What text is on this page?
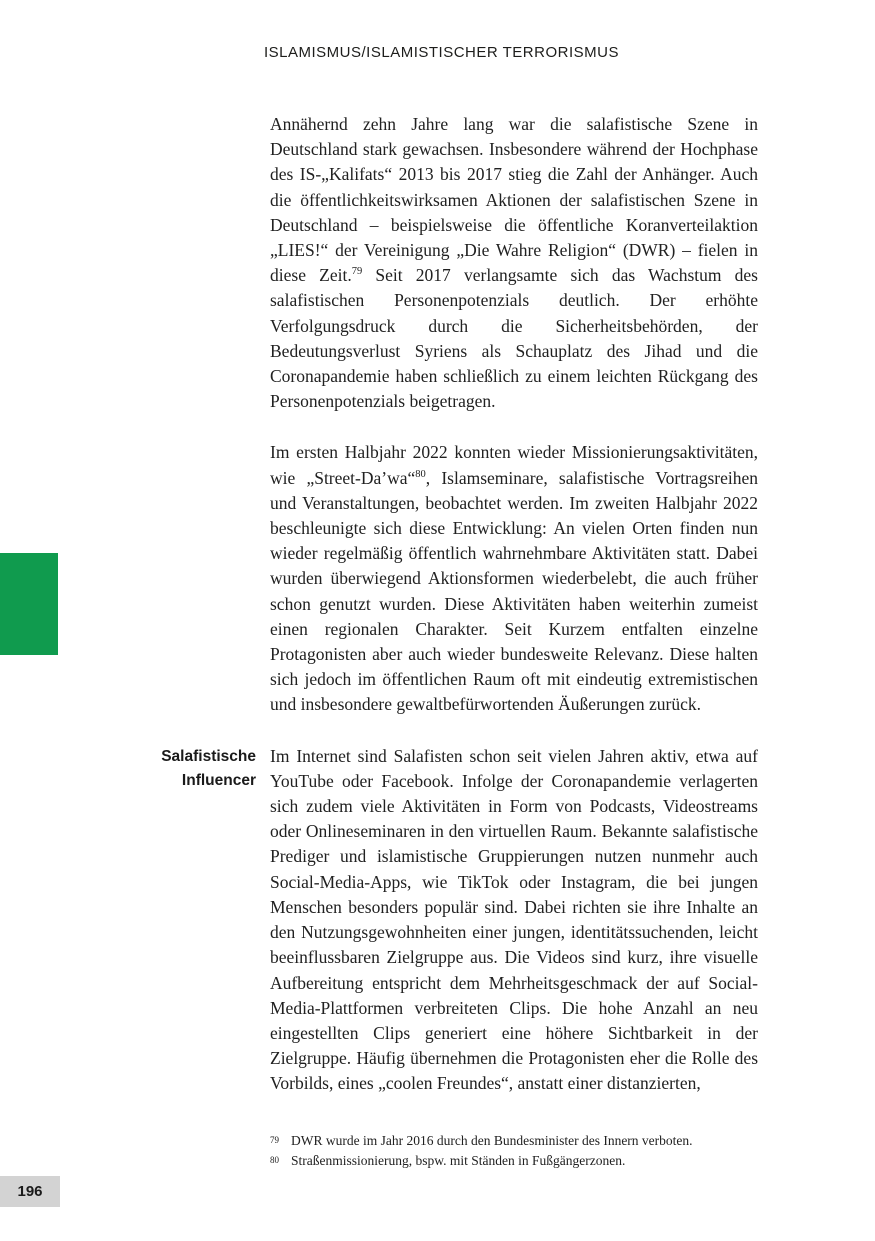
ISLAMISMUS/ISLAMISTISCHER TERRORISMUS

Annähernd zehn Jahre lang war die salafistische Szene in Deutschland stark gewachsen. Insbesondere während der Hochphase des IS-„Kalifats“ 2013 bis 2017 stieg die Zahl der Anhänger. Auch die öffentlichkeitswirksamen Aktionen der salafistischen Szene in Deutschland – beispielsweise die öffentliche Koranverteilaktion „LIES!“ der Vereinigung „Die Wahre Religion“ (DWR) – fielen in diese Zeit.$^{79}$ Seit 2017 verlangsamte sich das Wachstum des salafistischen Personenpotenzials deutlich. Der erhöhte Verfolgungsdruck durch die Sicherheitsbehörden, der Bedeutungsverlust Syriens als Schauplatz des Jihad und die Coronapandemie haben schließlich zu einem leichten Rückgang des Personenpotenzials beigetragen.

Im ersten Halbjahr 2022 konnten wieder Missionierungsaktivitäten, wie „Street-Da’wa“$^{80}$, Islamseminare, salafistische Vortragsreihen und Veranstaltungen, beobachtet werden. Im zweiten Halbjahr 2022 beschleunigte sich diese Entwicklung: An vielen Orten finden nun wieder regelmäßig öffentlich wahrnehmbare Aktivitäten statt. Dabei wurden überwiegend Aktionsformen wiederbelebt, die auch früher schon genutzt wurden. Diese Aktivitäten haben weiterhin zumeist einen regionalen Charakter. Seit Kurzem entfalten einzelne Protagonisten aber auch wieder bundesweite Relevanz. Diese halten sich jedoch im öffentlichen Raum oft mit eindeutig extremistischen und insbesondere gewaltbefürwortenden Äußerungen zurück.

Salafistische Influencer

Im Internet sind Salafisten schon seit vielen Jahren aktiv, etwa auf YouTube oder Facebook. Infolge der Coronapandemie verlagerten sich zudem viele Aktivitäten in Form von Podcasts, Videostreams oder Onlineseminaren in den virtuellen Raum. Bekannte salafistische Prediger und islamistische Gruppierungen nutzen nunmehr auch Social-Media-Apps, wie TikTok oder Instagram, die bei jungen Menschen besonders populär sind. Dabei richten sie ihre Inhalte an den Nutzungsgewohnheiten einer jungen, identitätssuchenden, leicht beeinflussbaren Zielgruppe aus. Die Videos sind kurz, ihre visuelle Aufbereitung entspricht dem Mehrheitsgeschmack der auf Social-Media-Plattformen verbreiteten Clips. Die hohe Anzahl an neu eingestellten Clips generiert eine höhere Sichtbarkeit in der Zielgruppe. Häufig übernehmen die Protagonisten eher die Rolle des Vorbilds, eines „coolen Freundes“, anstatt einer distanzierten,

79 DWR wurde im Jahr 2016 durch den Bundesminister des Innern verboten.
80 Straßenmissionierung, bspw. mit Ständen in Fußgängerzonen.
196
